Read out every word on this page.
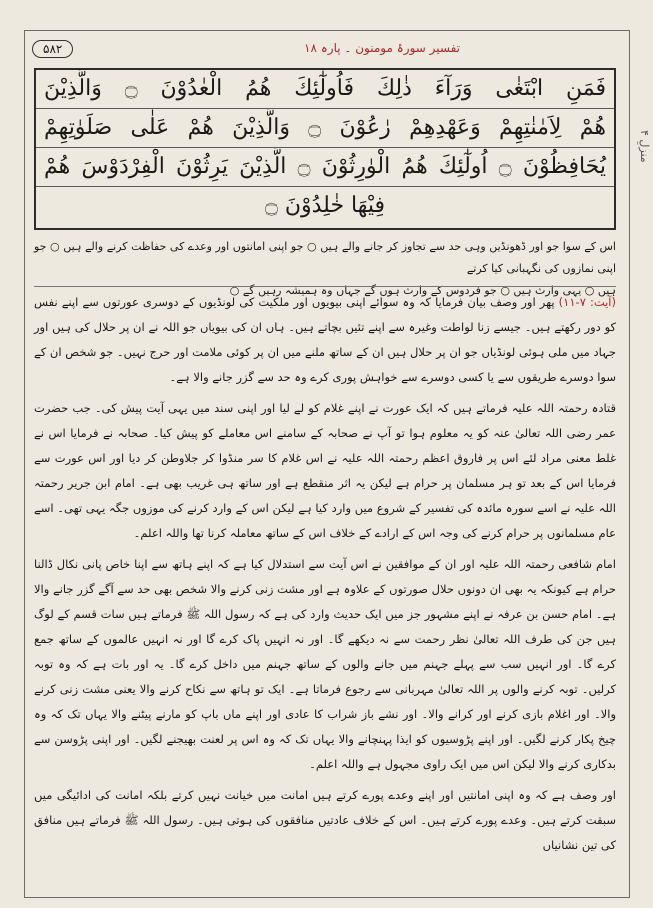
تفسیر سورۂ مومنون ۔ پارہ ۱۸
۵۸۲
منزلِ ۴
فَمَنِ ابْتَغٰى وَرَآءَ ذٰلِكَ فَاُولٰٓئِكَ هُمُ الْعٰدُوْنَ ۝ وَالَّذِيْنَ
هُمْ لِاَمٰنٰتِهِمْ وَعَهْدِهِمْ رٰعُوْنَ ۝ وَالَّذِيْنَ هُمْ عَلٰى صَلَوٰتِهِمْ
يُحَافِظُوْنَ ۝ اُولٰٓئِكَ هُمُ الْوٰرِثُوْنَ ۝ الَّذِيْنَ يَرِثُوْنَ الْفِرْدَوْسَ هُمْ
فِيْهَا خٰلِدُوْنَ ۝
اس کے سوا جو اور ڈھونڈیں وہی حد سے تجاوز کر جانے والے ہیں ○ جو اپنی امانتوں اور وعدے کی حفاظت کرنے والے ہیں ○ جو اپنی نمازوں کی نگہبانی کیا کرتے
ہیں ○ یہی وارث ہیں ○ جو فردوس کے وارث ہوں گے جہاں وہ ہمیشہ رہیں گے ○

(آیت: ۷-۱۱) پھر اور وصف بیان فرمایا کہ وہ سوائے اپنی بیویوں اور ملکیت کی لونڈیوں کے دوسری عورتوں سے اپنے نفس کو دور رکھتے ہیں۔ جیسے زنا لواطت وغیرہ سے اپنے تئیں بچاتے ہیں۔ ہاں ان کی بیویاں جو اللہ نے ان پر حلال کی ہیں اور جہاد میں ملی ہوئی لونڈیاں جو ان پر حلال ہیں ان کے ساتھ ملنے میں ان پر کوئی ملامت اور حرج نہیں۔ جو شخص ان کے سوا دوسرے طریقوں سے یا کسی دوسرے سے خواہش پوری کرے وہ حد سے گزر جانے والا ہے۔

قتادہ رحمتہ اللہ علیہ فرماتے ہیں کہ ایک عورت نے اپنے غلام کو لے لیا اور اپنی سند میں یہی آیت پیش کی۔ جب حضرت عمر رضی اللہ تعالیٰ عنہ کو یہ معلوم ہوا تو آپ نے صحابہ کے سامنے اس معاملے کو پیش کیا۔ صحابہ نے فرمایا اس نے غلط معنی مراد لئے اس پر فاروق اعظم رحمتہ اللہ علیہ نے اس غلام کا سر منڈوا کر جلاوطن کر دیا اور اس عورت سے فرمایا اس کے بعد تو ہر مسلمان پر حرام ہے لیکن یہ اثر منقطع ہے اور ساتھ ہی غریب بھی ہے۔ امام ابن جریر رحمتہ اللہ علیہ نے اسے سورہ مائدہ کی تفسیر کے شروع میں وارد کیا ہے لیکن اس کے وارد کرنے کی موزوں جگہ یہی تھی۔ اسے عام مسلمانوں پر حرام کرنے کی وجہ اس کے ارادے کے خلاف اس کے ساتھ معاملہ کرنا تھا واللہ اعلم۔

امام شافعی رحمتہ اللہ علیہ اور ان کے موافقین نے اس آیت سے استدلال کیا ہے کہ اپنے ہاتھ سے اپنا خاص پانی نکال ڈالنا حرام ہے کیونکہ یہ بھی ان دونوں حلال صورتوں کے علاوہ ہے اور مشت زنی کرنے والا شخص بھی حد سے آگے گزر جانے والا ہے۔ امام حسن بن عرفہ نے اپنے مشہور جز میں ایک حدیث وارد کی ہے کہ رسول اللہ ﷺ فرماتے ہیں سات قسم کے لوگ ہیں جن کی طرف اللہ تعالیٰ نظر رحمت سے نہ دیکھے گا۔ اور نہ انہیں پاک کرے گا اور نہ انہیں عالموں کے ساتھ جمع کرے گا۔ اور انہیں سب سے پہلے جہنم میں جانے والوں کے ساتھ جہنم میں داخل کرے گا۔ یہ اور بات ہے کہ وہ توبہ کرلیں۔ توبہ کرنے والوں پر اللہ تعالیٰ مہربانی سے رجوع فرماتا ہے۔ ایک تو ہاتھ سے نکاح کرنے والا یعنی مشت زنی کرنے والا۔ اور اغلام بازی کرنے اور کرانے والا۔ اور نشے باز شراب کا عادی اور اپنے ماں باپ کو مارنے پیٹنے والا یہاں تک کہ وہ چیخ پکار کرنے لگیں۔ اور اپنے پڑوسیوں کو ایذا پہنچانے والا یہاں تک کہ وہ اس پر لعنت بھیجنے لگیں۔ اور اپنی پڑوسن سے بدکاری کرنے والا لیکن اس میں ایک راوی مجہول ہے واللہ اعلم۔

اور وصف ہے کہ وہ اپنی امانتیں اور اپنے وعدے پورے کرتے ہیں امانت میں خیانت نہیں کرتے بلکہ امانت کی ادائیگی میں سبقت کرتے ہیں۔ وعدے پورے کرتے ہیں۔ اس کے خلاف عادتیں منافقوں کی ہوتی ہیں۔ رسول اللہ ﷺ فرماتے ہیں منافق کی تین نشانیاں
